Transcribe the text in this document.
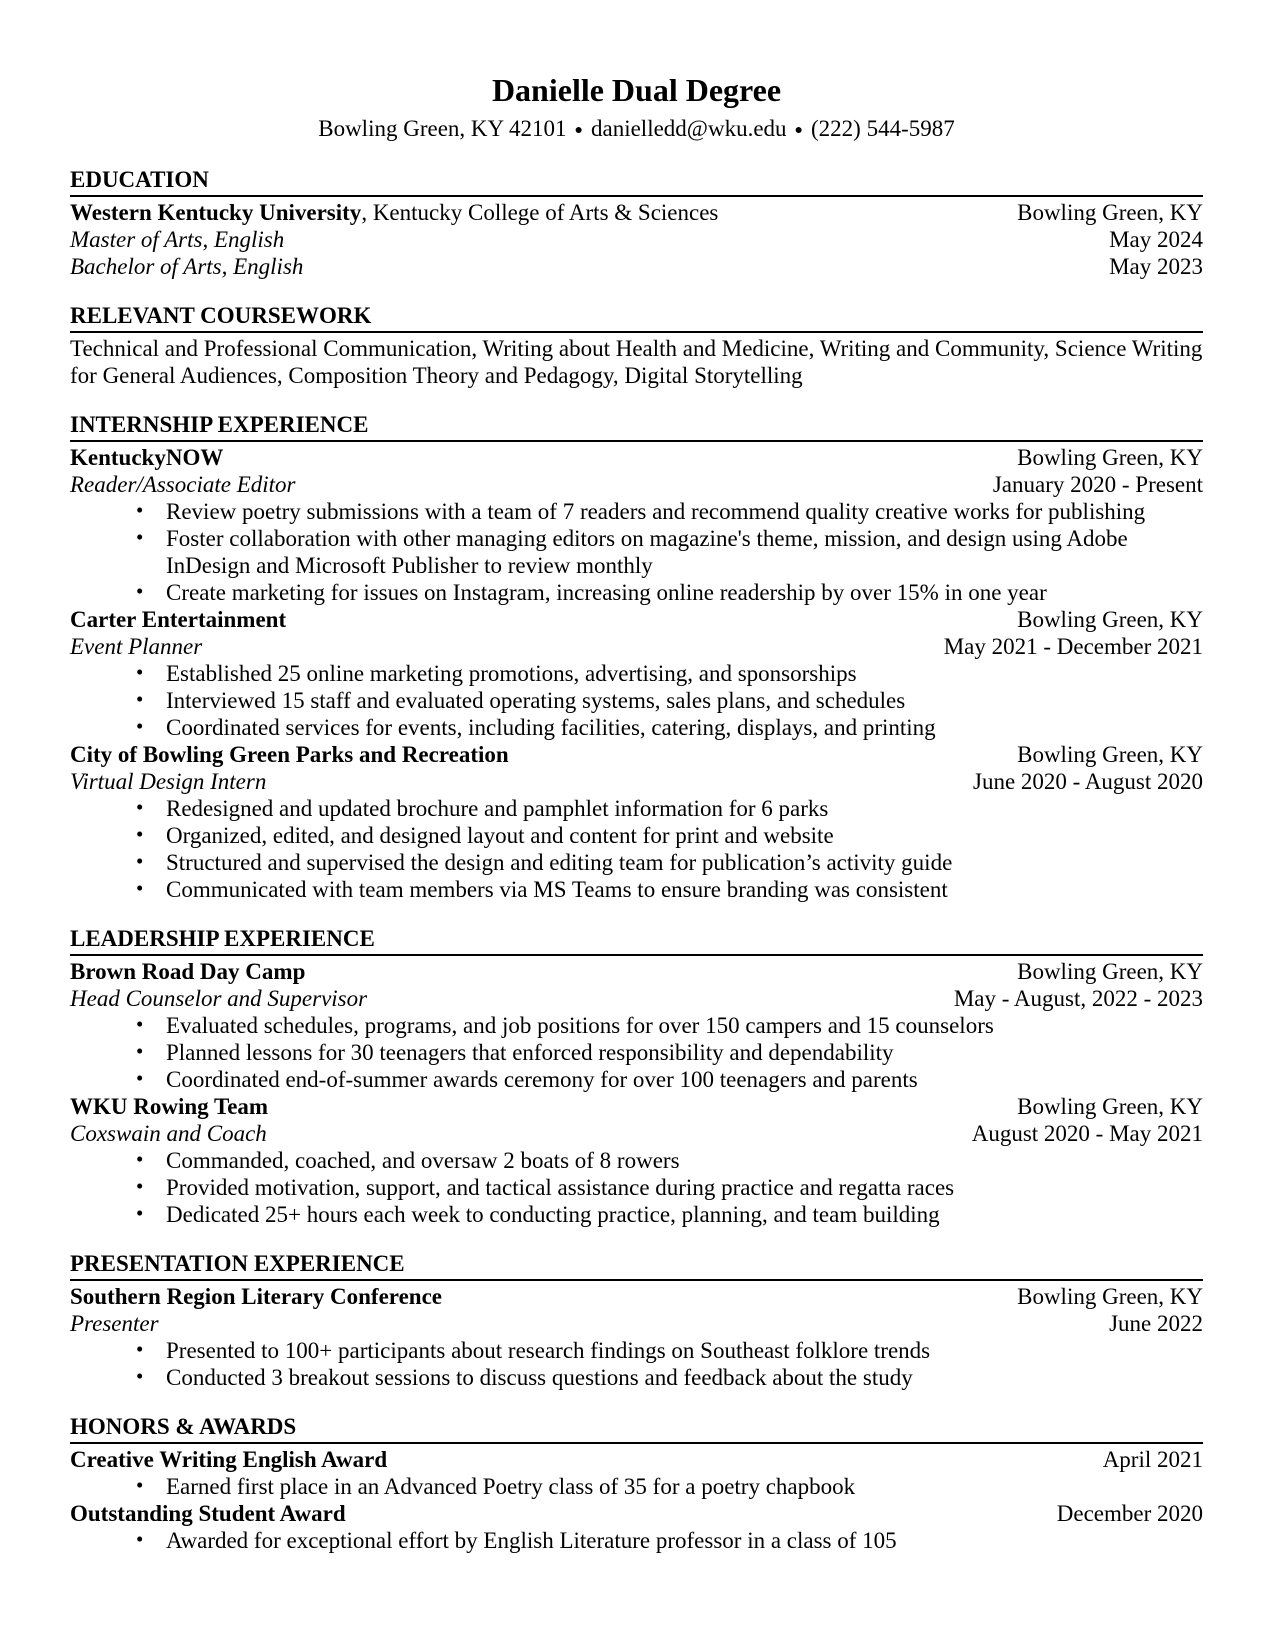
Danielle Dual Degree
Bowling Green, KY 42101 ● danielledd@wku.edu ● (222) 544-5987
EDUCATION
Western Kentucky University, Kentucky College of Arts & Sciences	Bowling Green, KY
Master of Arts, English	May 2024
Bachelor of Arts, English	May 2023
RELEVANT COURSEWORK

Technical and Professional Communication, Writing about Health and Medicine, Writing and Community, Science Writing for General Audiences, Composition Theory and Pedagogy, Digital Storytelling

INTERNSHIP EXPERIENCE
KentuckyNOW	Bowling Green, KY
Reader/Associate Editor	January 2020 - Present
• Review poetry submissions with a team of 7 readers and recommend quality creative works for publishing
• Foster collaboration with other managing editors on magazine's theme, mission, and design using Adobe InDesign and Microsoft Publisher to review monthly
• Create marketing for issues on Instagram, increasing online readership by over 15% in one year
Carter Entertainment	Bowling Green, KY
Event Planner	May 2021 - December 2021
• Established 25 online marketing promotions, advertising, and sponsorships
• Interviewed 15 staff and evaluated operating systems, sales plans, and schedules
• Coordinated services for events, including facilities, catering, displays, and printing
City of Bowling Green Parks and Recreation	Bowling Green, KY
Virtual Design Intern	June 2020 - August 2020
• Redesigned and updated brochure and pamphlet information for 6 parks
• Organized, edited, and designed layout and content for print and website
• Structured and supervised the design and editing team for publication’s activity guide
• Communicated with team members via MS Teams to ensure branding was consistent
LEADERSHIP EXPERIENCE
Brown Road Day Camp	Bowling Green, KY
Head Counselor and Supervisor	May - August, 2022 - 2023
• Evaluated schedules, programs, and job positions for over 150 campers and 15 counselors
• Planned lessons for 30 teenagers that enforced responsibility and dependability
• Coordinated end-of-summer awards ceremony for over 100 teenagers and parents
WKU Rowing Team	Bowling Green, KY
Coxswain and Coach	August 2020 - May 2021
• Commanded, coached, and oversaw 2 boats of 8 rowers
• Provided motivation, support, and tactical assistance during practice and regatta races
• Dedicated 25+ hours each week to conducting practice, planning, and team building
PRESENTATION EXPERIENCE
Southern Region Literary Conference	Bowling Green, KY
Presenter	June 2022
• Presented to 100+ participants about research findings on Southeast folklore trends
• Conducted 3 breakout sessions to discuss questions and feedback about the study
HONORS & AWARDS
Creative Writing English Award	April 2021
• Earned first place in an Advanced Poetry class of 35 for a poetry chapbook
Outstanding Student Award	December 2020
• Awarded for exceptional effort by English Literature professor in a class of 105
